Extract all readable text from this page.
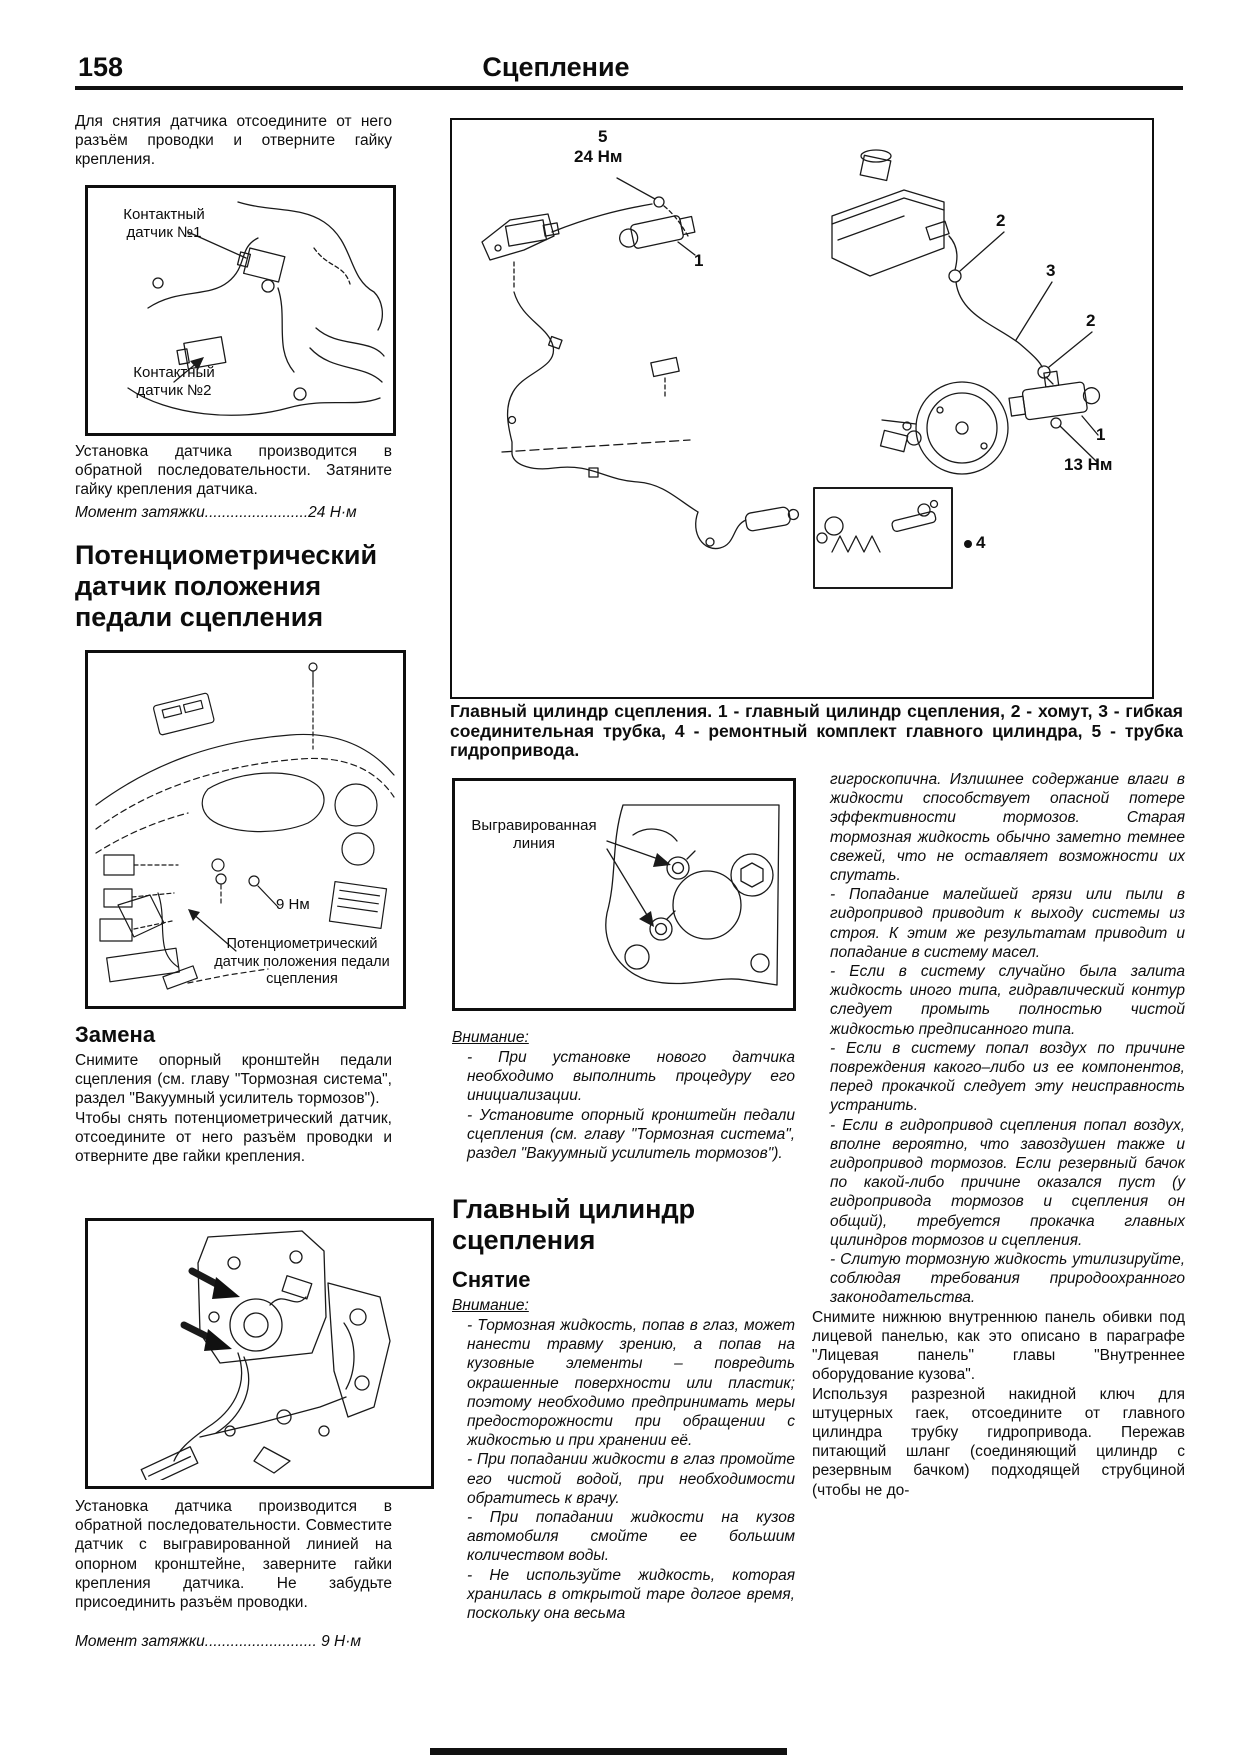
158	Сцепление

Для снятия датчика отсоедините от него разъём проводки и отверните гайку крепления.

Контактный датчик №1
Контактный датчик №2

Установка датчика производится в обратной последовательности. Затяните гайку крепления датчика.

Момент затяжки........................24 Н·м

Потенциометрический датчик положения педали сцепления
9 Нм
Потенциометрический датчик положения педали сцепления
Замена

Снимите опорный кронштейн педали сцепления (см. главу "Тормозная система", раздел "Вакуумный усилитель тормозов").

Чтобы снять потенциометрический датчик, отсоедините от него разъём проводки и отверните две гайки крепления.

Установка датчика производится в обратной последовательности. Совместите датчик с выгравированной линией на опорном кронштейне, заверните гайки крепления датчика. Не забудьте присоединить разъём проводки.

Момент затяжки.......................... 9 Н·м

5
24 Нм
1
2
3
2
1
13 Нм
4

Главный цилиндр сцепления. 1 - главный цилиндр сцепления, 2 - хомут, 3 - гибкая соединительная трубка, 4 - ремонтный комплект главного цилиндра, 5 - трубка гидропривода.

Выгравированная линия
Внимание:

- При установке нового датчика необходимо выполнить процедуру его инициализации.

- Установите опорный кронштейн педали сцепления (см. главу "Тормозная система", раздел "Вакуумный усилитель тормозов").

Главный цилиндр сцепления
Снятие
Внимание:

- Тормозная жидкость, попав в глаз, может нанести травму зрению, а попав на кузовные элементы – повредить окрашенные поверхности или пластик; поэтому необходимо предпринимать меры предосторожности при обращении с жидкостью и при хранении её.

- При попадании жидкости в глаз промойте его чистой водой, при необходимости обратитесь к врачу.

- При попадании жидкости на кузов автомобиля смойте ее большим количеством воды.

- Не используйте жидкость, которая хранилась в открытой таре долгое время, поскольку она весьма

гигроскопична. Излишнее содержание влаги в жидкости способствует опасной потере эффективности тормозов. Старая тормозная жидкость обычно заметно темнее свежей, что не оставляет возможности их спутать.

- Попадание малейшей грязи или пыли в гидропривод приводит к выходу системы из строя. К этим же результатам приводит и попадание в систему масел.

- Если в систему случайно была залита жидкость иного типа, гидравлический контур следует промыть полностью чистой жидкостью предписанного типа.

- Если в систему попал воздух по причине повреждения какого–либо из ее компонентов, перед прокачкой следует эту неисправность устранить.

- Если в гидропривод сцепления попал воздух, вполне вероятно, что завоздушен также и гидропривод тормозов. Если резервный бачок по какой-либо причине оказался пуст (у гидропривода тормозов и сцепления он общий), требуется прокачка главных цилиндров тормозов и сцепления.

- Слитую тормозную жидкость утилизируйте, соблюдая требования природоохранного законодательства.

Снимите нижнюю внутреннюю панель обивки под лицевой панелью, как это описано в параграфе "Лицевая панель" главы "Внутреннее оборудование кузова".

Используя разрезной накидной ключ для штуцерных гаек, отсоедините от главного цилиндра трубку гидропривода. Пережав питающий шланг (соединяющий цилиндр с резервным бачком) подходящей струбциной (чтобы не до-
